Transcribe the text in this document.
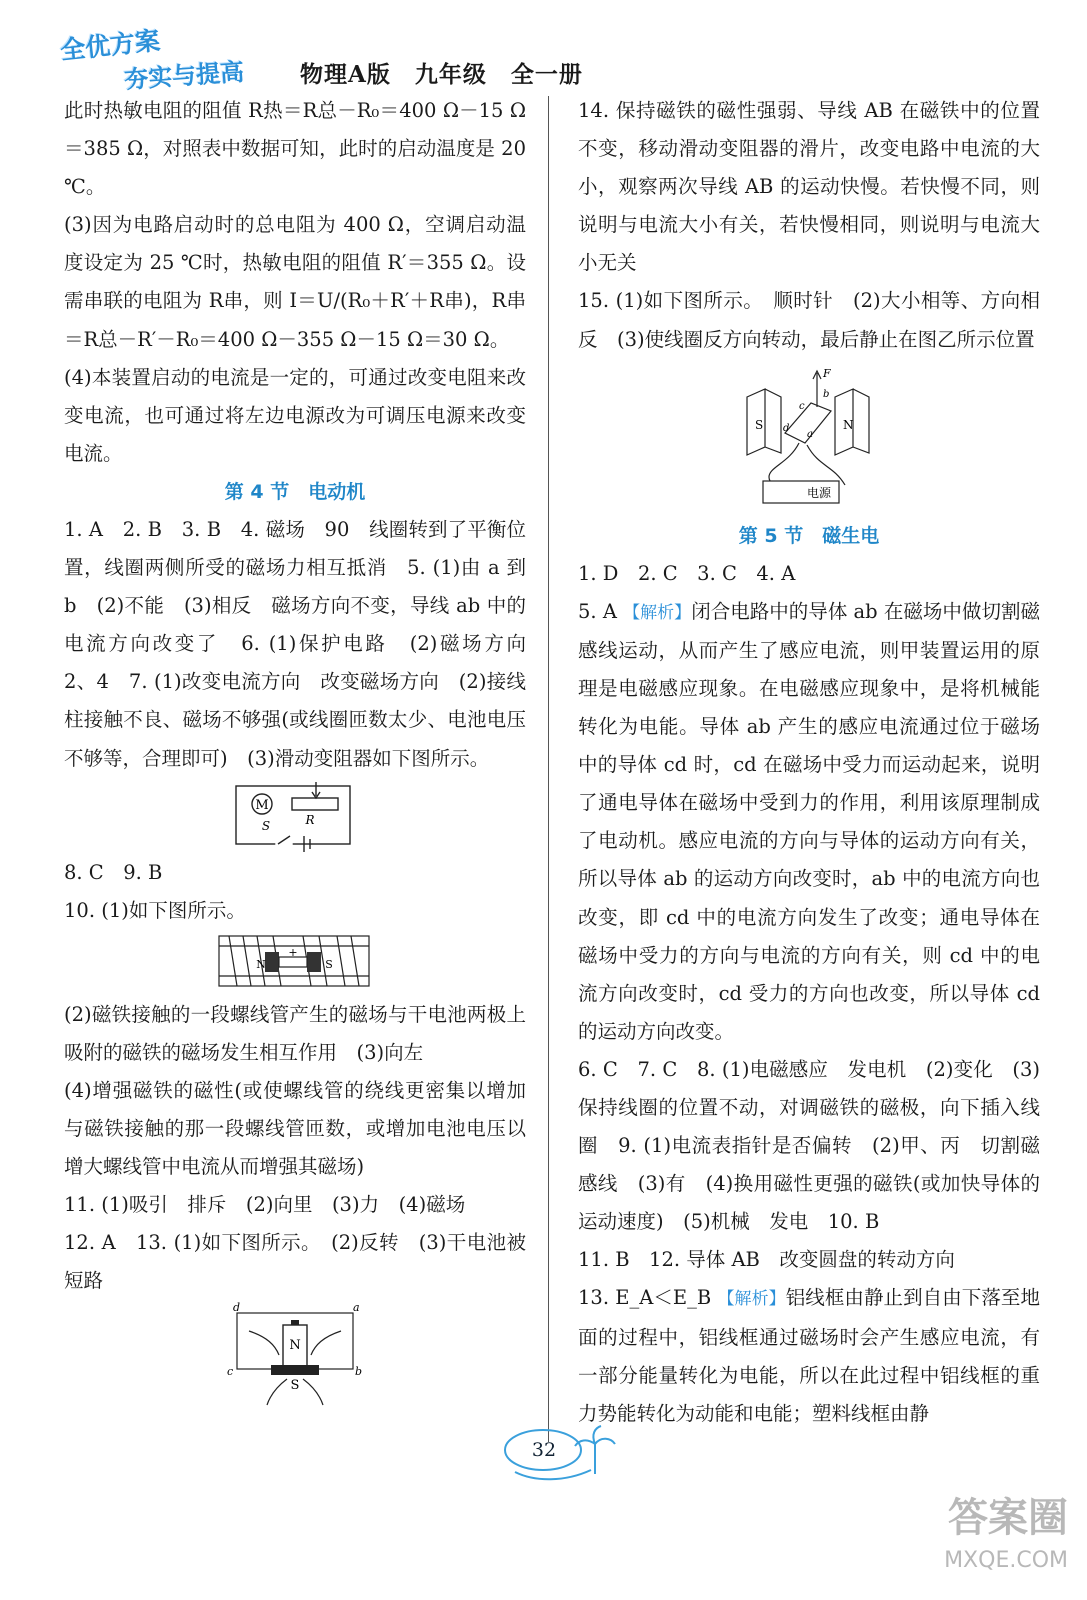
全优方案
夯实与提高 物理A版　九年级　全一册

此时热敏电阻的阻值 R热＝R总－R₀＝400 Ω－15 Ω＝385 Ω，对照表中数据可知，此时的启动温度是 20 ℃。

(3)因为电路启动时的总电阻为 400 Ω，空调启动温度设定为 25 ℃时，热敏电阻的阻值 R′＝355 Ω。设需串联的电阻为 R串，则 I＝U/(R₀＋R′＋R串)，R串＝R总－R′－R₀＝400 Ω－355 Ω－15 Ω＝30 Ω。

(4)本装置启动的电流是一定的，可通过改变电阻来改变电流，也可通过将左边电源改为可调压电源来改变电流。

第 4 节　电动机

1. A　2. B　3. B　4. 磁场　90　线圈转到了平衡位置，线圈两侧所受的磁场力相互抵消　5. (1)由 a 到 b　(2)不能　(3)相反　磁场方向不变，导线 ab 中的电流方向改变了　6. (1)保护电路　(2)磁场方向　2、4　7. (1)改变电流方向　改变磁场方向　(2)接线柱接触不良、磁场不够强(或线圈匝数太少、电池电压不够等，合理即可)　(3)滑动变阻器如下图所示。

M
R
S

8. C　9. B

10. (1)如下图所示。

N	S
+

(2)磁铁接触的一段螺线管产生的磁场与干电池两极上吸附的磁铁的磁场发生相互作用　(3)向左

(4)增强磁铁的磁性(或使螺线管的绕线更密集以增加与磁铁接触的那一段螺线管匝数，或增加电池电压以增大螺线管中电流从而增强其磁场)

11. (1)吸引　排斥　(2)向里　(3)力　(4)磁场

12. A　13. (1)如下图所示。　(2)反转　(3)干电池被短路

N
S
d	a
c	b

14. 保持磁铁的磁性强弱、导线 AB 在磁铁中的位置不变，移动滑动变阻器的滑片，改变电路中电流的大小，观察两次导线 AB 的运动快慢。若快慢不同，则说明与电流大小有关，若快慢相同，则说明与电流大小无关

15. (1)如下图所示。　顺时针　(2)大小相等、方向相反　(3)使线圈反方向转动，最后静止在图乙所示位置

电源
F
S	N
a
b
c
d
第 5 节　磁生电

1. D　2. C　3. C　4. A

5. A 【解析】闭合电路中的导体 ab 在磁场中做切割磁感线运动，从而产生了感应电流，则甲装置运用的原理是电磁感应现象。在电磁感应现象中，是将机械能转化为电能。导体 ab 产生的感应电流通过位于磁场中的导体 cd 时，cd 在磁场中受力而运动起来，说明了通电导体在磁场中受到力的作用，利用该原理制成了电动机。感应电流的方向与导体的运动方向有关，所以导体 ab 的运动方向改变时，ab 中的电流方向也改变，即 cd 中的电流方向发生了改变；通电导体在磁场中受力的方向与电流的方向有关，则 cd 中的电流方向改变时，cd 受力的方向也改变，所以导体 cd 的运动方向改变。

6. C　7. C　8. (1)电磁感应　发电机　(2)变化　(3)保持线圈的位置不动，对调磁铁的磁极，向下插入线圈　9. (1)电流表指针是否偏转　(2)甲、丙　切割磁感线　(3)有　(4)换用磁性更强的磁铁(或加快导体的运动速度)　(5)机械　发电　10. B

11. B　12. 导体 AB　改变圆盘的转动方向

13. E_A＜E_B 【解析】铝线框由静止到自由下落至地面的过程中，铝线框通过磁场时会产生感应电流，有一部分能量转化为电能，所以在此过程中铝线框的重力势能转化为动能和电能；塑料线框由静

32
答案圈
MXQE.COM
